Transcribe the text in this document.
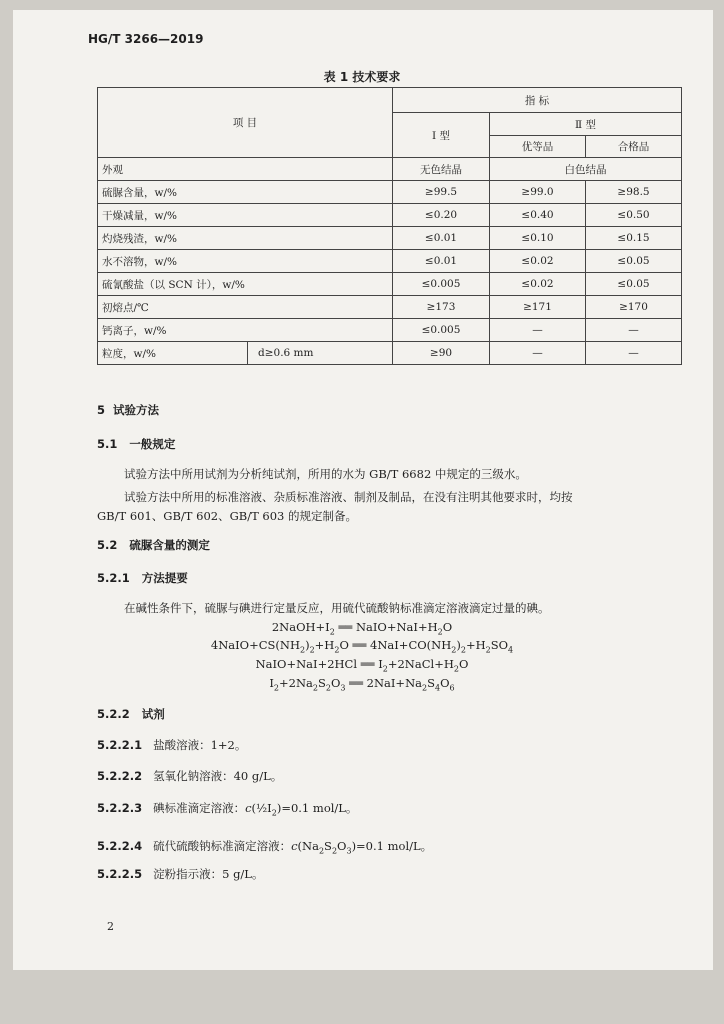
HG/T 3266—2019
表 1 技术要求
项 目		指 标		
		Ⅰ 型	Ⅱ 型	
			优等品	合格品
外观		无色结晶	白色结晶	
硫脲含量，w/%		≥99.5	≥99.0	≥98.5
干燥减量，w/%		≤0.20	≤0.40	≤0.50
灼烧残渣，w/%		≤0.01	≤0.10	≤0.15
水不溶物，w/%		≤0.01	≤0.02	≤0.05
硫氰酸盐（以 SCN 计），w/%		≤0.005	≤0.02	≤0.05
初熔点/℃		≥173	≥171	≥170
钙离子，w/%		≤0.005	—	—
粒度，w/%	d≥0.6 mm	≥90	—	—
5 试验方法
5.1 一般规定
试验方法中所用试剂为分析纯试剂，所用的水为 GB/T 6682 中规定的三级水。
试验方法中所用的标准溶液、杂质标准溶液、制剂及制品，在没有注明其他要求时，均按
GB/T 601、GB/T 602、GB/T 603 的规定制备。
5.2 硫脲含量的测定
5.2.1 方法提要
在碱性条件下，硫脲与碘进行定量反应，用硫代硫酸钠标准滴定溶液滴定过量的碘。
$2NaOH+I_2$ ══ $NaIO+NaI+H_2O$
$4NaIO+CS(NH_2)_2+H_2O$ ══ $4NaI+CO(NH_2)_2+H_2SO_4$
NaIO+NaI+2HCl ══ $I_2+2NaCl+H_2O$
$I_2+2Na_2S_2O_3$ ══ $2NaI+Na_2S_4O_6$
5.2.2 试剂
5.2.2.1 盐酸溶液：1+2。
5.2.2.2 氢氧化钠溶液：40 g/L。
5.2.2.3 碘标准滴定溶液：$c(\frac{1}{2}I_2)=0.1$ mol/L。
5.2.2.4 硫代硫酸钠标准滴定溶液：$c(Na_2S_2O_3)=0.1$ mol/L。
5.2.2.5 淀粉指示液：5 g/L。
2
